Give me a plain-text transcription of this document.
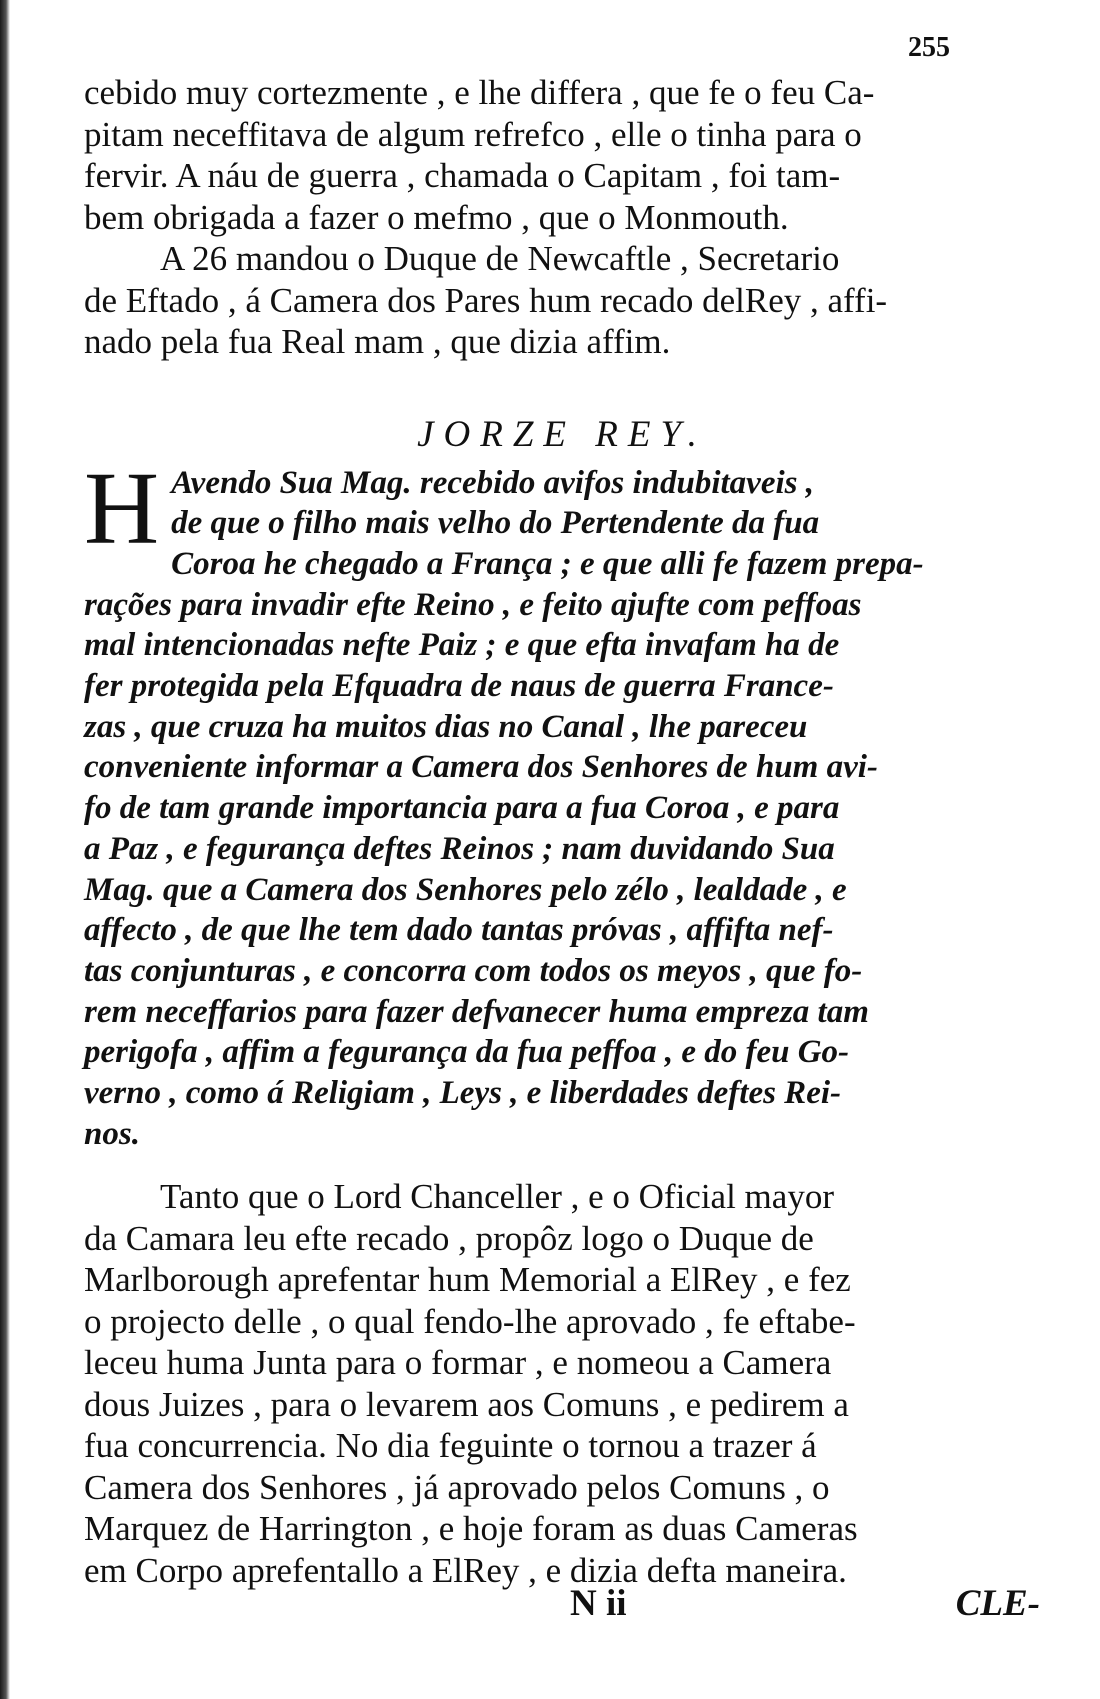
255

cebido muy cortezmente , e lhe differa , que fe o feu Ca-
pitam neceffitava de algum refrefco , elle o tinha para o
fervir. A náu de guerra , chamada o Capitam , foi tam-
bem obrigada a fazer o mefmo , que o Monmouth.

A 26 mandou o Duque de Newcaftle , Secretario
de Eftado , á Camera dos Pares hum recado delRey , affi-
nado pela fua Real mam , que dizia affim.

JORZE REY.
H Avendo Sua Mag. recebido avifos indubitaveis ,
de que o filho mais velho do Pertendente da fua
Coroa he chegado a França ; e que alli fe fazem prepa-
rações para invadir efte Reino , e feito ajufte com peffoas
mal intencionadas nefte Paiz ; e que efta invafam ha de
fer protegida pela Efquadra de naus de guerra France-
zas , que cruza ha muitos dias no Canal , lhe pareceu
conveniente informar a Camera dos Senhores de hum avi-
fo de tam grande importancia para a fua Coroa , e para
a Paz , e fegurança deftes Reinos ; nam duvidando Sua
Mag. que a Camera dos Senhores pelo zélo , lealdade , e
affecto , de que lhe tem dado tantas próvas , affifta nef-
tas conjunturas , e concorra com todos os meyos , que fo-
rem neceffarios para fazer defvanecer huma empreza tam
perigofa , affim a fegurança da fua peffoa , e do feu Go-
verno , como á Religiam , Leys , e liberdades deftes Rei-
nos.

Tanto que o Lord Chanceller , e o Oficial mayor
da Camara leu efte recado , propôz logo o Duque de
Marlborough aprefentar hum Memorial a ElRey , e fez
o projecto delle , o qual fendo-lhe aprovado , fe eftabe-
leceu huma Junta para o formar , e nomeou a Camera
dous Juizes , para o levarem aos Comuns , e pedirem a
fua concurrencia. No dia feguinte o tornou a trazer á
Camera dos Senhores , já aprovado pelos Comuns , o
Marquez de Harrington , e hoje foram as duas Cameras
em Corpo aprefentallo a ElRey , e dizia defta maneira.

N ii	CLE-
